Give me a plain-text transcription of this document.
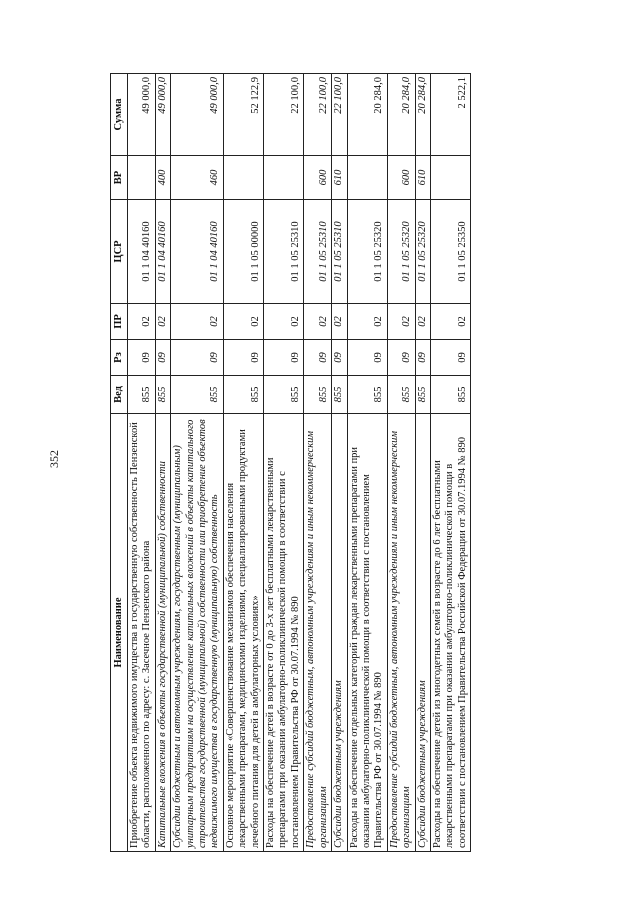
352
Наименование	Вед	Рз	ПР	ЦСР	ВР	Сумма
Приобретение объекта недвижимого имущества в государственную собственность Пензенской области, расположенного по адресу: с. Засечное Пензенского района	855	09	02	01 1 04 40160		49 000,0
Капитальные вложения в объекты государственной (муниципальной) собственности	855	09	02	01 1 04 40160	400	49 000,0
Субсидии бюджетным и автономным учреждениям, государственным (муниципальным) унитарным предприятиям на осуществление капитальных вложений в объекты капитального строительства государственной (муниципальной) собственности или приобретение объектов недвижимого имущества в государственную (муниципальную) собственность	855	09	02	01 1 04 40160	460	49 000,0
Основное мероприятие «Совершенствование механизмов обеспечения населения лекарственными препаратами, медицинскими изделиями, специализированными продуктами лечебного питания для детей в амбулаторных условиях»	855	09	02	01 1 05 00000		52 122,9
Расходы на обеспечение детей в возрасте от 0 до 3-х лет бесплатными лекарственными препаратами при оказании амбулаторно-поликлинической помощи в соответствии с постановлением Правительства РФ от 30.07.1994 № 890	855	09	02	01 1 05 25310		22 100,0
Предоставление субсидий бюджетным, автономным учреждениям и иным некоммерческим организациям	855	09	02	01 1 05 25310	600	22 100,0
Субсидии бюджетным учреждениям	855	09	02	01 1 05 25310	610	22 100,0
Расходы на обеспечение отдельных категорий граждан лекарственными препаратами при оказании амбулаторно-поликлинической помощи в соответствии с постановлением Правительства РФ от 30.07.1994 № 890	855	09	02	01 1 05 25320		20 284,0
Предоставление субсидий бюджетным, автономным учреждениям и иным некоммерческим организациям	855	09	02	01 1 05 25320	600	20 284,0
Субсидии бюджетным учреждениям	855	09	02	01 1 05 25320	610	20 284,0
Расходы на обеспечение детей из многодетных семей в возрасте до 6 лет бесплатными лекарственными препаратами при оказании амбулаторно-поликлинической помощи в соответствии с постановлением Правительства Российской Федерации от 30.07.1994 № 890	855	09	02	01 1 05 25350		2 522,1
